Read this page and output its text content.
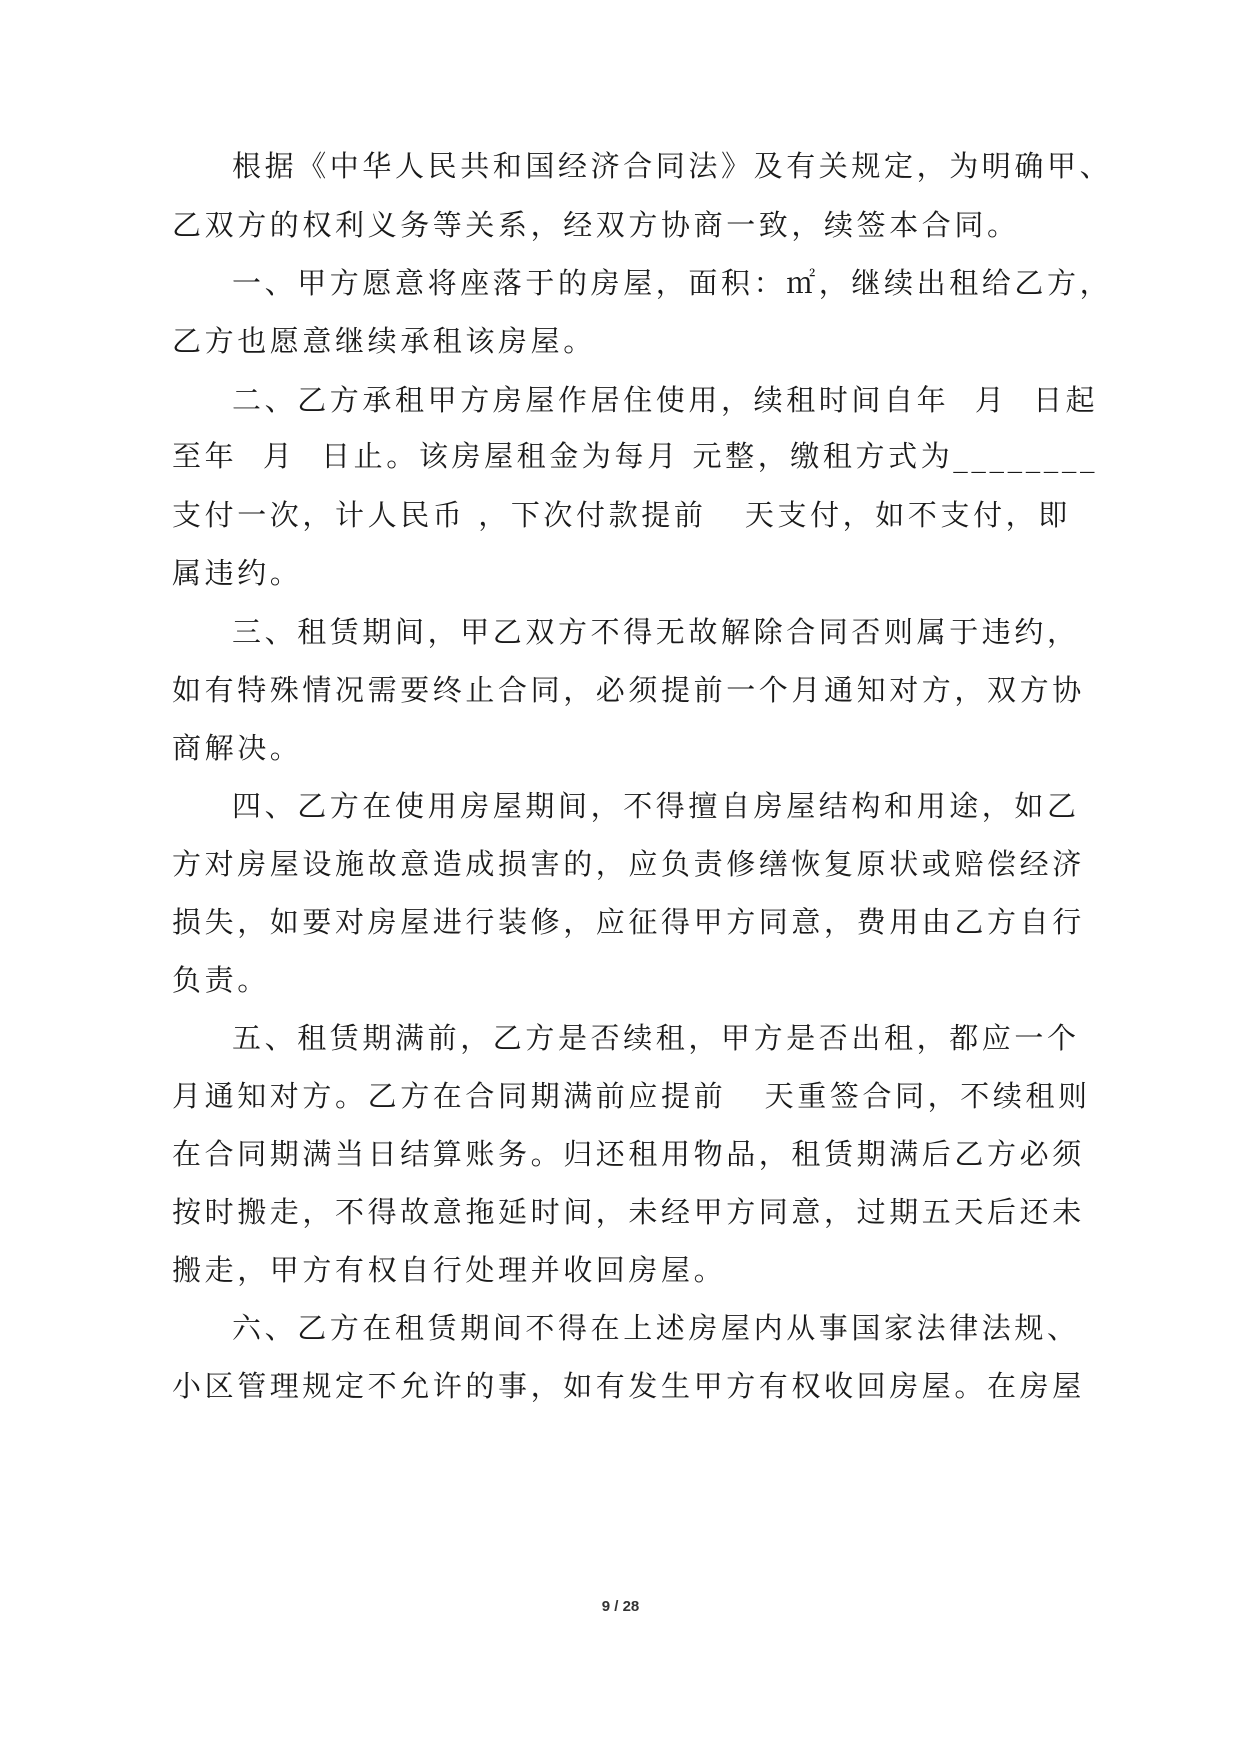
根据《中华人民共和国经济合同法》及有关规定，为明确甲、
乙双方的权利义务等关系，经双方协商一致，续签本合同。
一、甲方愿意将座落于的房屋，面积：㎡，继续出租给乙方，
乙方也愿意继续承租该房屋。
二、乙方承租甲方房屋作居住使用，续租时间自年  月  日起
至年  月  日止。该房屋租金为每月 元整，缴租方式为________
支付一次，计人民币 ，下次付款提前   天支付，如不支付，即
属违约。
三、租赁期间，甲乙双方不得无故解除合同否则属于违约，
如有特殊情况需要终止合同，必须提前一个月通知对方，双方协
商解决。
四、乙方在使用房屋期间，不得擅自房屋结构和用途，如乙
方对房屋设施故意造成损害的，应负责修缮恢复原状或赔偿经济
损失，如要对房屋进行装修，应征得甲方同意，费用由乙方自行
负责。
五、租赁期满前，乙方是否续租，甲方是否出租，都应一个
月通知对方。乙方在合同期满前应提前   天重签合同，不续租则
在合同期满当日结算账务。归还租用物品，租赁期满后乙方必须
按时搬走，不得故意拖延时间，未经甲方同意，过期五天后还未
搬走，甲方有权自行处理并收回房屋。
六、乙方在租赁期间不得在上述房屋内从事国家法律法规、
小区管理规定不允许的事，如有发生甲方有权收回房屋。在房屋
9 / 28
